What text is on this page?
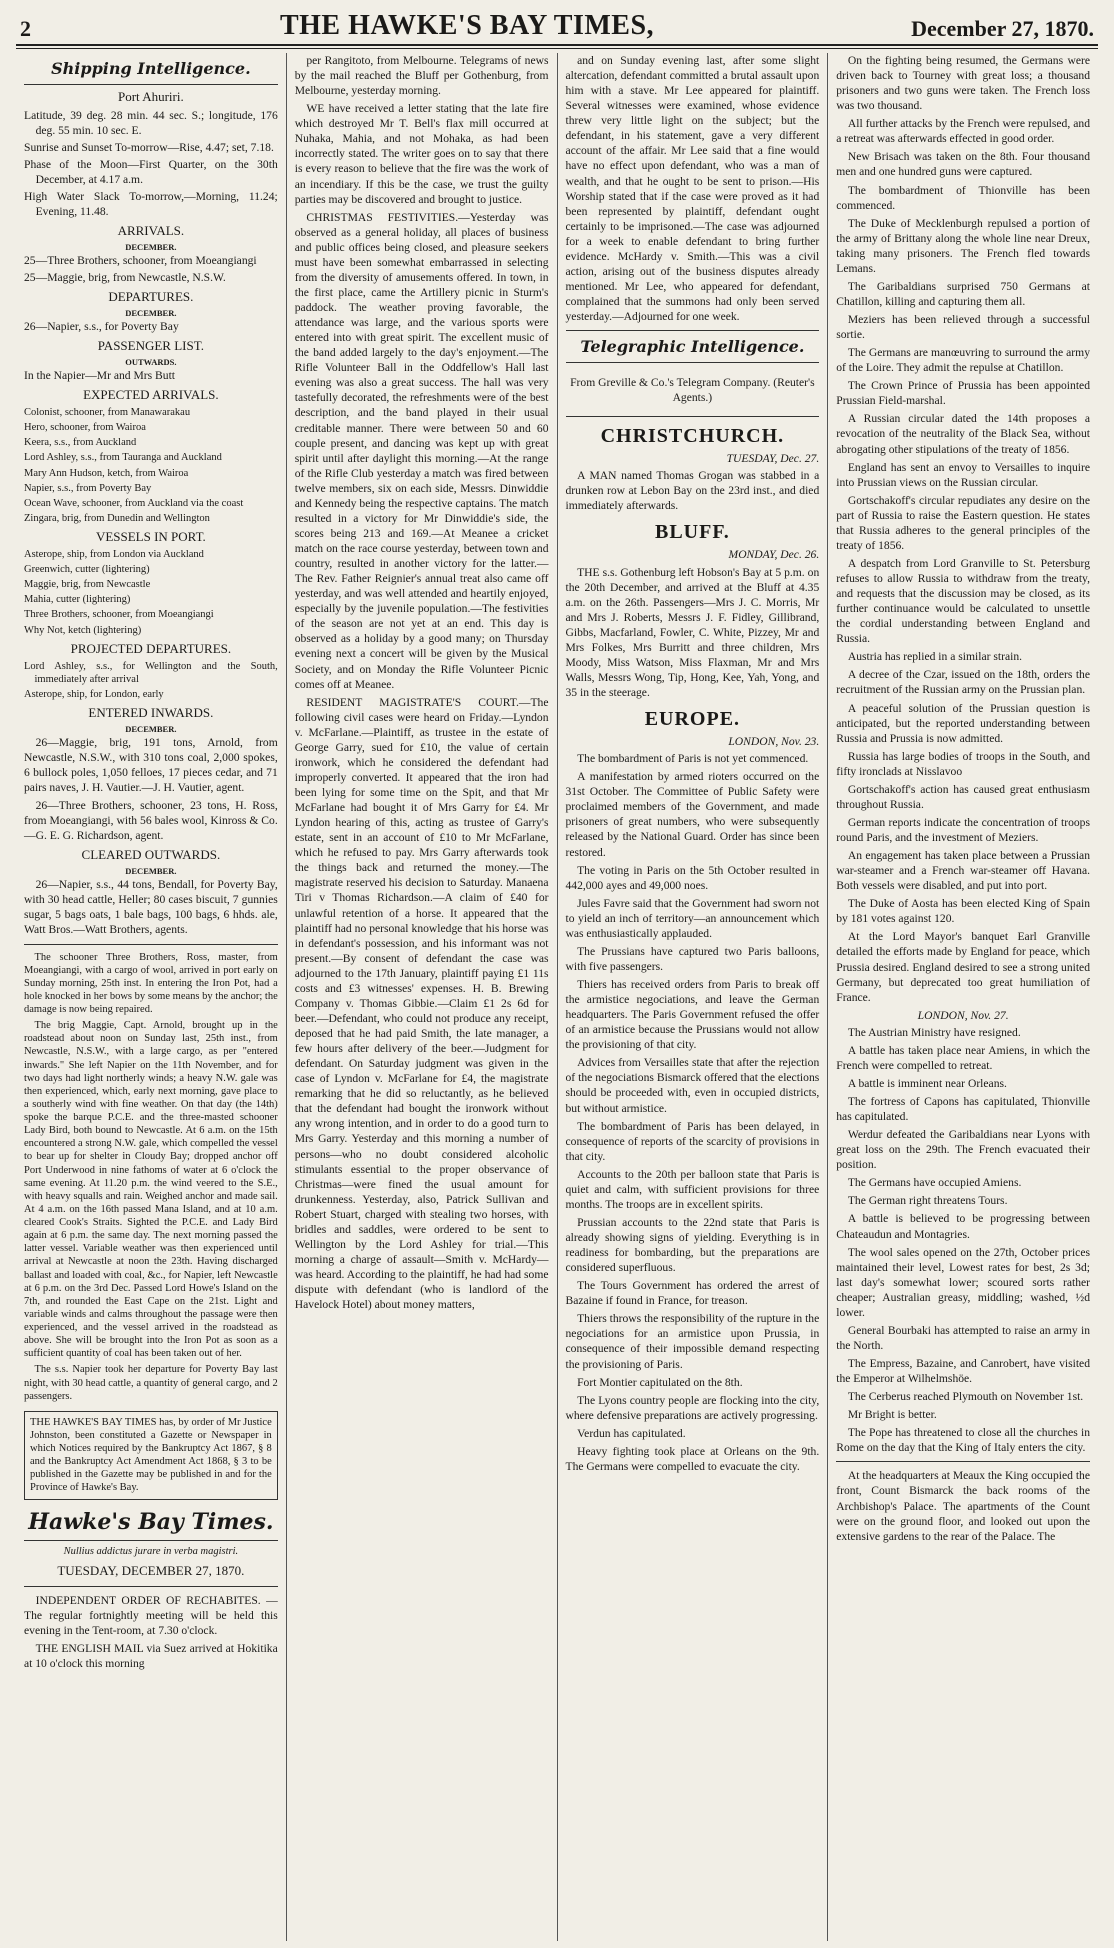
2	THE HAWKE'S BAY TIMES,	December 27, 1870.
Shipping Intelligence.
Port Ahuriri.

Latitude, 39 deg. 28 min. 44 sec. S.; longitude, 176 deg. 55 min. 10 sec. E.

Sunrise and Sunset To-morrow—Rise, 4.47; set, 7.18.

Phase of the Moon—First Quarter, on the 30th December, at 4.17 a.m.

High Water Slack To-morrow,—Morning, 11.24; Evening, 11.48.

ARRIVALS.

DECEMBER.

25—Three Brothers, schooner, from Moeangiangi

25—Maggie, brig, from Newcastle, N.S.W.

DEPARTURES.

DECEMBER.

26—Napier, s.s., for Poverty Bay

PASSENGER LIST.

OUTWARDS.

In the Napier—Mr and Mrs Butt

EXPECTED ARRIVALS.

Colonist, schooner, from Manawarakau

Hero, schooner, from Wairoa

Keera, s.s., from Auckland

Lord Ashley, s.s., from Tauranga and Auckland

Mary Ann Hudson, ketch, from Wairoa

Napier, s.s., from Poverty Bay

Ocean Wave, schooner, from Auckland via the coast

Zingara, brig, from Dunedin and Wellington

VESSELS IN PORT.

Asterope, ship, from London via Auckland

Greenwich, cutter (lightering)

Maggie, brig, from Newcastle

Mahia, cutter (lightering)

Three Brothers, schooner, from Moeangiangi

Why Not, ketch (lightering)

PROJECTED DEPARTURES.

Lord Ashley, s.s., for Wellington and the South, immediately after arrival

Asterope, ship, for London, early

ENTERED INWARDS.

DECEMBER.

26—Maggie, brig, 191 tons, Arnold, from Newcastle, N.S.W., with 310 tons coal, 2,000 spokes, 6 bullock poles, 1,050 felloes, 17 pieces cedar, and 71 pairs naves, J. H. Vautier.—J. H. Vautier, agent.

26—Three Brothers, schooner, 23 tons, H. Ross, from Moeangiangi, with 56 bales wool, Kinross & Co.—G. E. G. Richardson, agent.

CLEARED OUTWARDS.

DECEMBER.

26—Napier, s.s., 44 tons, Bendall, for Poverty Bay, with 30 head cattle, Heller; 80 cases biscuit, 7 gunnies sugar, 5 bags oats, 1 bale bags, 100 bags, 6 hhds. ale, Watt Bros.—Watt Brothers, agents.

The schooner Three Brothers, Ross, master, from Moeangiangi, with a cargo of wool, arrived in port early on Sunday morning, 25th inst. In entering the Iron Pot, had a hole knocked in her bows by some means by the anchor; the damage is now being repaired.

The brig Maggie, Capt. Arnold, brought up in the roadstead about noon on Sunday last, 25th inst., from Newcastle, N.S.W., with a large cargo, as per "entered inwards." She left Napier on the 11th November, and for two days had light northerly winds; a heavy N.W. gale was then experienced, which, early next morning, gave place to a southerly wind with fine weather. On that day (the 14th) spoke the barque P.C.E. and the three-masted schooner Lady Bird, both bound to Newcastle. At 6 a.m. on the 15th encountered a strong N.W. gale, which compelled the vessel to bear up for shelter in Cloudy Bay; dropped anchor off Port Underwood in nine fathoms of water at 6 o'clock the same evening. At 11.20 p.m. the wind veered to the S.E., with heavy squalls and rain. Weighed anchor and made sail. At 4 a.m. on the 16th passed Mana Island, and at 10 a.m. cleared Cook's Straits. Sighted the P.C.E. and Lady Bird again at 6 p.m. the same day. The next morning passed the latter vessel. Variable weather was then experienced until arrival at Newcastle at noon the 23th. Having discharged ballast and loaded with coal, &c., for Napier, left Newcastle at 6 p.m. on the 3rd Dec. Passed Lord Howe's Island on the 7th, and rounded the East Cape on the 21st. Light and variable winds and calms throughout the passage were then experienced, and the vessel arrived in the roadstead as above. She will be brought into the Iron Pot as soon as a sufficient quantity of coal has been taken out of her.

The s.s. Napier took her departure for Poverty Bay last night, with 30 head cattle, a quantity of general cargo, and 2 passengers.

THE HAWKE'S BAY TIMES has, by order of Mr Justice Johnston, been constituted a Gazette or Newspaper in which Notices required by the Bankruptcy Act 1867, § 8 and the Bankruptcy Act Amendment Act 1868, § 3 to be published in the Gazette may be published in and for the Province of Hawke's Bay.
Hawke's Bay Times.

Nullius addictus jurare in verba magistri.

TUESDAY, DECEMBER 27, 1870.

INDEPENDENT ORDER OF RECHABITES. —The regular fortnightly meeting will be held this evening in the Tent-room, at 7.30 o'clock.

THE ENGLISH MAIL via Suez arrived at Hokitika at 10 o'clock this morning

per Rangitoto, from Melbourne. Telegrams of news by the mail reached the Bluff per Gothenburg, from Melbourne, yesterday morning.

WE have received a letter stating that the late fire which destroyed Mr T. Bell's flax mill occurred at Nuhaka, Mahia, and not Mohaka, as had been incorrectly stated. The writer goes on to say that there is every reason to believe that the fire was the work of an incendiary. If this be the case, we trust the guilty parties may be discovered and brought to justice.

CHRISTMAS FESTIVITIES.—Yesterday was observed as a general holiday, all places of business and public offices being closed, and pleasure seekers must have been somewhat embarrassed in selecting from the diversity of amusements offered. In town, in the first place, came the Artillery picnic in Sturm's paddock. The weather proving favorable, the attendance was large, and the various sports were entered into with great spirit. The excellent music of the band added largely to the day's enjoyment.—The Rifle Volunteer Ball in the Oddfellow's Hall last evening was also a great success. The hall was very tastefully decorated, the refreshments were of the best description, and the band played in their usual creditable manner. There were between 50 and 60 couple present, and dancing was kept up with great spirit until after daylight this morning.—At the range of the Rifle Club yesterday a match was fired between twelve members, six on each side, Messrs. Dinwiddie and Kennedy being the respective captains. The match resulted in a victory for Mr Dinwiddie's side, the scores being 213 and 169.—At Meanee a cricket match on the race course yesterday, between town and country, resulted in another victory for the latter.—The Rev. Father Reignier's annual treat also came off yesterday, and was well attended and heartily enjoyed, especially by the juvenile population.—The festivities of the season are not yet at an end. This day is observed as a holiday by a good many; on Thursday evening next a concert will be given by the Musical Society, and on Monday the Rifle Volunteer Picnic comes off at Meanee.

RESIDENT MAGISTRATE'S COURT.—The following civil cases were heard on Friday.—Lyndon v. McFarlane.—Plaintiff, as trustee in the estate of George Garry, sued for £10, the value of certain ironwork, which he considered the defendant had improperly converted. It appeared that the iron had been lying for some time on the Spit, and that Mr McFarlane had bought it of Mrs Garry for £4. Mr Lyndon hearing of this, acting as trustee of Garry's estate, sent in an account of £10 to Mr McFarlane, which he refused to pay. Mrs Garry afterwards took the things back and returned the money.—The magistrate reserved his decision to Saturday. Manaena Tiri v Thomas Richardson.—A claim of £40 for unlawful retention of a horse. It appeared that the plaintiff had no personal knowledge that his horse was in defendant's possession, and his informant was not present.—By consent of defendant the case was adjourned to the 17th January, plaintiff paying £1 11s costs and £3 witnesses' expenses. H. B. Brewing Company v. Thomas Gibbie.—Claim £1 2s 6d for beer.—Defendant, who could not produce any receipt, deposed that he had paid Smith, the late manager, a few hours after delivery of the beer.—Judgment for defendant. On Saturday judgment was given in the case of Lyndon v. McFarlane for £4, the magistrate remarking that he did so reluctantly, as he believed that the defendant had bought the ironwork without any wrong intention, and in order to do a good turn to Mrs Garry. Yesterday and this morning a number of persons—who no doubt considered alcoholic stimulants essential to the proper observance of Christmas—were fined the usual amount for drunkenness. Yesterday, also, Patrick Sullivan and Robert Stuart, charged with stealing two horses, with bridles and saddles, were ordered to be sent to Wellington by the Lord Ashley for trial.—This morning a charge of assault—Smith v. McHardy—was heard. According to the plaintiff, he had had some dispute with defendant (who is landlord of the Havelock Hotel) about money matters,

and on Sunday evening last, after some slight altercation, defendant committed a brutal assault upon him with a stave. Mr Lee appeared for plaintiff. Several witnesses were examined, whose evidence threw very little light on the subject; but the defendant, in his statement, gave a very different account of the affair. Mr Lee said that a fine would have no effect upon defendant, who was a man of wealth, and that he ought to be sent to prison.—His Worship stated that if the case were proved as it had been represented by plaintiff, defendant ought certainly to be imprisoned.—The case was adjourned for a week to enable defendant to bring further evidence. McHardy v. Smith.—This was a civil action, arising out of the business disputes already mentioned. Mr Lee, who appeared for defendant, complained that the summons had only been served yesterday.—Adjourned for one week.

Telegraphic Intelligence.

From Greville & Co.'s Telegram Company. (Reuter's Agents.)

CHRISTCHURCH.

TUESDAY, Dec. 27.

A MAN named Thomas Grogan was stabbed in a drunken row at Lebon Bay on the 23rd inst., and died immediately afterwards.

BLUFF.

MONDAY, Dec. 26.

THE s.s. Gothenburg left Hobson's Bay at 5 p.m. on the 20th December, and arrived at the Bluff at 4.35 a.m. on the 26th. Passengers—Mrs J. C. Morris, Mr and Mrs J. Roberts, Messrs J. F. Fidley, Gillibrand, Gibbs, Macfarland, Fowler, C. White, Pizzey, Mr and Mrs Folkes, Mrs Burritt and three children, Mrs Moody, Miss Watson, Miss Flaxman, Mr and Mrs Walls, Messrs Wong, Tip, Hong, Kee, Yah, Yong, and 35 in the steerage.

EUROPE.

LONDON, Nov. 23.

The bombardment of Paris is not yet commenced.

A manifestation by armed rioters occurred on the 31st October. The Committee of Public Safety were proclaimed members of the Government, and made prisoners of great numbers, who were subsequently released by the National Guard. Order has since been restored.

The voting in Paris on the 5th October resulted in 442,000 ayes and 49,000 noes.

Jules Favre said that the Government had sworn not to yield an inch of territory—an announcement which was enthusiastically applauded.

The Prussians have captured two Paris balloons, with five passengers.

Thiers has received orders from Paris to break off the armistice negociations, and leave the German headquarters. The Paris Government refused the offer of an armistice because the Prussians would not allow the provisioning of that city.

Advices from Versailles state that after the rejection of the negociations Bismarck offered that the elections should be proceeded with, even in occupied districts, but without armistice.

The bombardment of Paris has been delayed, in consequence of reports of the scarcity of provisions in that city.

Accounts to the 20th per balloon state that Paris is quiet and calm, with sufficient provisions for three months. The troops are in excellent spirits.

Prussian accounts to the 22nd state that Paris is already showing signs of yielding. Everything is in readiness for bombarding, but the preparations are considered superfluous.

The Tours Government has ordered the arrest of Bazaine if found in France, for treason.

Thiers throws the responsibility of the rupture in the negociations for an armistice upon Prussia, in consequence of their impossible demand respecting the provisioning of Paris.

Fort Montier capitulated on the 8th.

The Lyons country people are flocking into the city, where defensive preparations are actively progressing.

Verdun has capitulated.

Heavy fighting took place at Orleans on the 9th. The Germans were compelled to evacuate the city.

On the fighting being resumed, the Germans were driven back to Tourney with great loss; a thousand prisoners and two guns were taken. The French loss was two thousand.

All further attacks by the French were repulsed, and a retreat was afterwards effected in good order.

New Brisach was taken on the 8th. Four thousand men and one hundred guns were captured.

The bombardment of Thionville has been commenced.

The Duke of Mecklenburgh repulsed a portion of the army of Brittany along the whole line near Dreux, taking many prisoners. The French fled towards Lemans.

The Garibaldians surprised 750 Germans at Chatillon, killing and capturing them all.

Meziers has been relieved through a successful sortie.

The Germans are manœuvring to surround the army of the Loire. They admit the repulse at Chatillon.

The Crown Prince of Prussia has been appointed Prussian Field-marshal.

A Russian circular dated the 14th proposes a revocation of the neutrality of the Black Sea, without abrogating other stipulations of the treaty of 1856.

England has sent an envoy to Versailles to inquire into Prussian views on the Russian circular.

Gortschakoff's circular repudiates any desire on the part of Russia to raise the Eastern question. He states that Russia adheres to the general principles of the treaty of 1856.

A despatch from Lord Granville to St. Petersburg refuses to allow Russia to withdraw from the treaty, and requests that the discussion may be closed, as its further continuance would be calculated to unsettle the cordial understanding between England and Russia.

Austria has replied in a similar strain.

A decree of the Czar, issued on the 18th, orders the recruitment of the Russian army on the Prussian plan.

A peaceful solution of the Prussian question is anticipated, but the reported understanding between Russia and Prussia is now admitted.

Russia has large bodies of troops in the South, and fifty ironclads at Nisslavoo

Gortschakoff's action has caused great enthusiasm throughout Russia.

German reports indicate the concentration of troops round Paris, and the investment of Meziers.

An engagement has taken place between a Prussian war-steamer and a French war-steamer off Havana. Both vessels were disabled, and put into port.

The Duke of Aosta has been elected King of Spain by 181 votes against 120.

At the Lord Mayor's banquet Earl Granville detailed the efforts made by England for peace, which Prussia desired. England desired to see a strong united Germany, but deprecated too great humiliation of France.

LONDON, Nov. 27.

The Austrian Ministry have resigned.

A battle has taken place near Amiens, in which the French were compelled to retreat.

A battle is imminent near Orleans.

The fortress of Capons has capitulated, Thionville has capitulated.

Werdur defeated the Garibaldians near Lyons with great loss on the 29th. The French evacuated their position.

The Germans have occupied Amiens.

The German right threatens Tours.

A battle is believed to be progressing between Chateaudun and Montagries.

The wool sales opened on the 27th, October prices maintained their level, Lowest rates for best, 2s 3d; last day's somewhat lower; scoured sorts rather cheaper; Australian greasy, middling; washed, ½d lower.

General Bourbaki has attempted to raise an army in the North.

The Empress, Bazaine, and Canrobert, have visited the Emperor at Wilhelmshöe.

The Cerberus reached Plymouth on November 1st.

Mr Bright is better.

The Pope has threatened to close all the churches in Rome on the day that the King of Italy enters the city.

At the headquarters at Meaux the King occupied the front, Count Bismarck the back rooms of the Archbishop's Palace. The apartments of the Count were on the ground floor, and looked out upon the extensive gardens to the rear of the Palace. The
